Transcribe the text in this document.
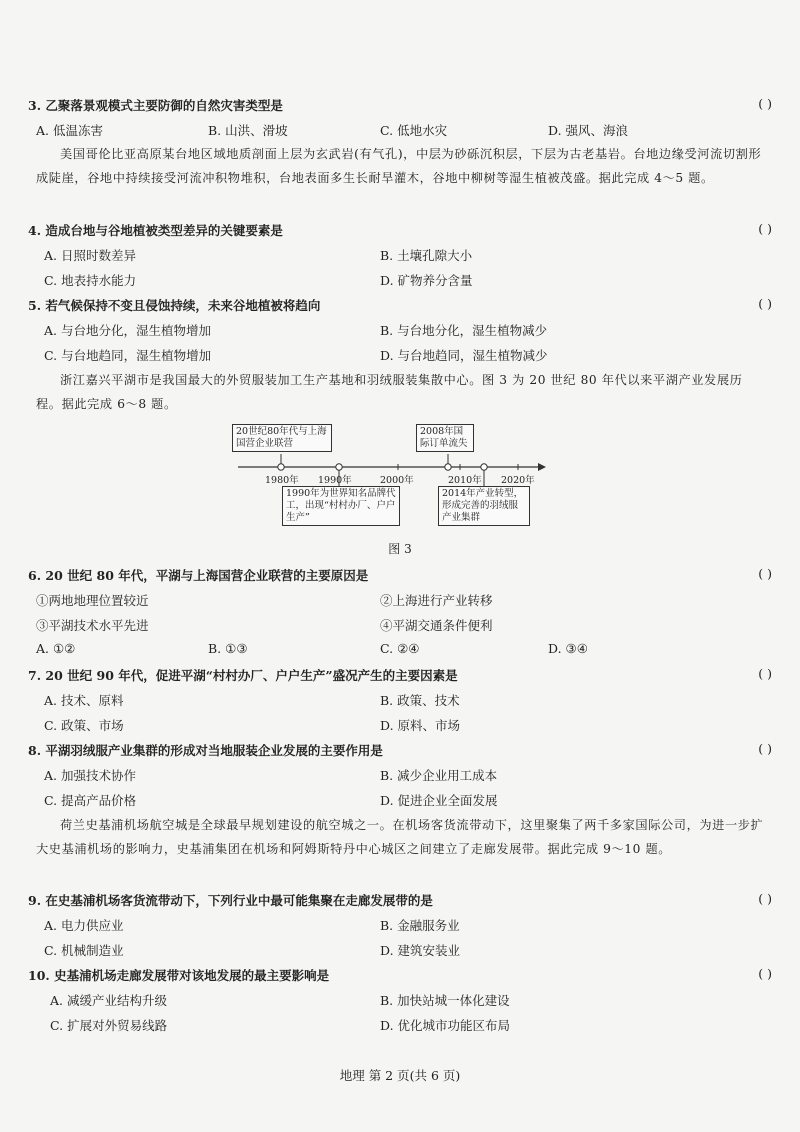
3. 乙聚落景观模式主要防御的自然灾害类型是	( )
A. 低温冻害	B. 山洪、滑坡	C. 低地水灾	D. 强风、海浪
美国哥伦比亚高原某台地区域地质剖面上层为玄武岩(有气孔)，中层为砂砾沉积层，下层为古老基岩。台地边缘受河流切割形成陡崖，谷地中持续接受河流冲积物堆积，台地表面多生长耐旱灌木，谷地中柳树等湿生植被茂盛。据此完成 4～5 题。
4. 造成台地与谷地植被类型差异的关键要素是	( )
A. 日照时数差异	B. 土壤孔隙大小
C. 地表持水能力	D. 矿物养分含量
5. 若气候保持不变且侵蚀持续，未来谷地植被将趋向	( )
A. 与台地分化，湿生植物增加	B. 与台地分化，湿生植物减少
C. 与台地趋同，湿生植物增加	D. 与台地趋同，湿生植物减少
浙江嘉兴平湖市是我国最大的外贸服装加工生产基地和羽绒服装集散中心。图 3 为 20 世纪 80 年代以来平湖产业发展历程。据此完成 6～8 题。
20世纪80年代与上海国营企业联营
2008年国际订单流失
1990年为世界知名品牌代工，出现“村村办厂、户户生产”
2014年产业转型，形成完善的羽绒服产业集群
1980年 1990年	2000年	2010年 2020年
图 3
6. 20 世纪 80 年代，平湖与上海国营企业联营的主要原因是	( )
①两地地理位置较近	②上海进行产业转移
③平湖技术水平先进	④平湖交通条件便利
A. ①②	B. ①③	C. ②④	D. ③④
7. 20 世纪 90 年代，促进平湖“村村办厂、户户生产”盛况产生的主要因素是	( )
A. 技术、原料	B. 政策、技术
C. 政策、市场	D. 原料、市场
8. 平湖羽绒服产业集群的形成对当地服装企业发展的主要作用是	( )
A. 加强技术协作	B. 减少企业用工成本
C. 提高产品价格	D. 促进企业全面发展
荷兰史基浦机场航空城是全球最早规划建设的航空城之一。在机场客货流带动下，这里聚集了两千多家国际公司，为进一步扩大史基浦机场的影响力，史基浦集团在机场和阿姆斯特丹中心城区之间建立了走廊发展带。据此完成 9～10 题。
9. 在史基浦机场客货流带动下，下列行业中最可能集聚在走廊发展带的是	( )
A. 电力供应业	B. 金融服务业
C. 机械制造业	D. 建筑安装业
10. 史基浦机场走廊发展带对该地发展的最主要影响是	( )
A. 减缓产业结构升级	B. 加快站城一体化建设
C. 扩展对外贸易线路	D. 优化城市功能区布局
地理 第 2 页(共 6 页)
